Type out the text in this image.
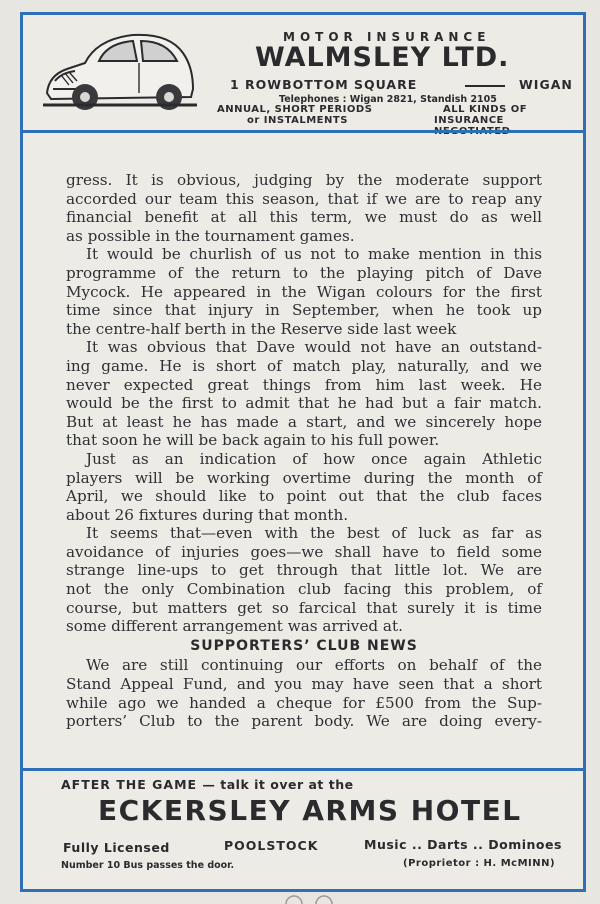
MOTOR INSURANCE
WALMSLEY LTD.
1 ROWBOTTOM SQUARE	WIGAN
Telephones : Wigan 2821, Standish 2105
ANNUAL, SHORT PERIODS
or INSTALMENTS
ALL KINDS OF
INSURANCE NEGOTIATED
gress. It is obvious, judging by the moderate support
accorded our team this season, that if we are to reap any
financial benefit at all this term, we must do as well
as possible in the tournament games.
It would be churlish of us not to make mention in this
programme of the return to the playing pitch of Dave
Mycock. He appeared in the Wigan colours for the first
time since that injury in September, when he took up
the centre-half berth in the Reserve side last week
It was obvious that Dave would not have an outstand-
ing game. He is short of match play, naturally, and we
never expected great things from him last week. He
would be the first to admit that he had but a fair match.
But at least he has made a start, and we sincerely hope
that soon he will be back again to his full power.
Just as an indication of how once again Athletic
players will be working overtime during the month of
April, we should like to point out that the club faces
about 26 fixtures during that month.
It seems that—even with the best of luck as far as
avoidance of injuries goes—we shall have to field some
strange line-ups to get through that little lot. We are
not the only Combination club facing this problem, of
course, but matters get so farcical that surely it is time
some different arrangement was arrived at.
SUPPORTERS’ CLUB NEWS
We are still continuing our efforts on behalf of the
Stand Appeal Fund, and you may have seen that a short
while ago we handed a cheque for £500 from the Sup-
porters’ Club to the parent body. We are doing every-
AFTER THE GAME — talk it over at the
ECKERSLEY ARMS HOTEL
Fully Licensed	POOLSTOCK	Music .. Darts .. Dominoes
Number 10 Bus passes the door.	(Proprietor : H. McMINN)
